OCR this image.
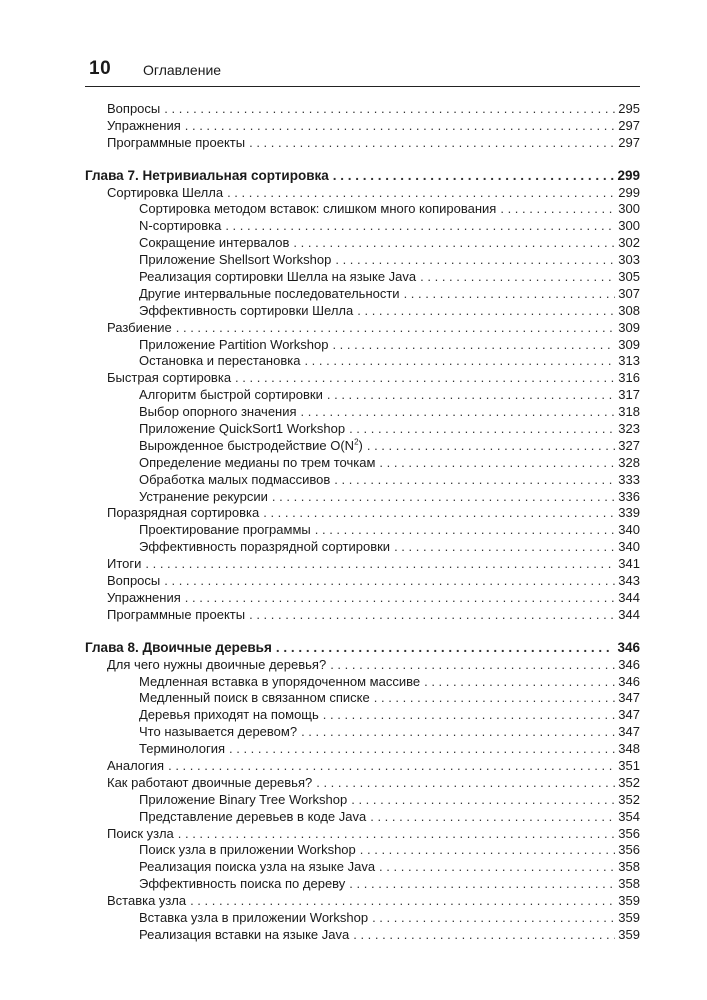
10 Оглавление
Вопросы . . .	295
Упражнения . . .	297
Программные проекты . . .	297
Глава 7. Нетривиальная сортировка . . .	299
Сортировка Шелла . . .	299
Сортировка методом вставок: слишком много копирования . . .	300
N-сортировка . . .	300
Сокращение интервалов . . .	302
Приложение Shellsort Workshop . . .	303
Реализация сортировки Шелла на языке Java . . .	305
Другие интервальные последовательности . . .	307
Эффективность сортировки Шелла . . .	308
Разбиение . . .	309
Приложение Partition Workshop . . .	309
Остановка и перестановка . . .	313
Быстрая сортировка . . .	316
Алгоритм быстрой сортировки . . .	317
Выбор опорного значения . . .	318
Приложение QuickSort1 Workshop . . .	323
Вырожденное быстродействие $O(N^2)$ . . .	327
Определение медианы по трем точкам . . .	328
Обработка малых подмассивов . . .	333
Устранение рекурсии . . .	336
Поразрядная сортировка . . .	339
Проектирование программы . . .	340
Эффективность поразрядной сортировки . . .	340
Итоги . . .	341
Вопросы . . .	343
Упражнения . . .	344
Программные проекты . . .	344
Глава 8. Двоичные деревья . . .	346
Для чего нужны двоичные деревья? . . .	346
Медленная вставка в упорядоченном массиве . . .	346
Медленный поиск в связанном списке . . .	347
Деревья приходят на помощь . . .	347
Что называется деревом? . . .	347
Терминология . . .	348
Аналогия . . .	351
Как работают двоичные деревья? . . .	352
Приложение Binary Tree Workshop . . .	352
Представление деревьев в коде Java . . .	354
Поиск узла . . .	356
Поиск узла в приложении Workshop . . .	356
Реализация поиска узла на языке Java . . .	358
Эффективность поиска по дереву . . .	358
Вставка узла . . .	359
Вставка узла в приложении Workshop . . .	359
Реализация вставки на языке Java . . .	359
